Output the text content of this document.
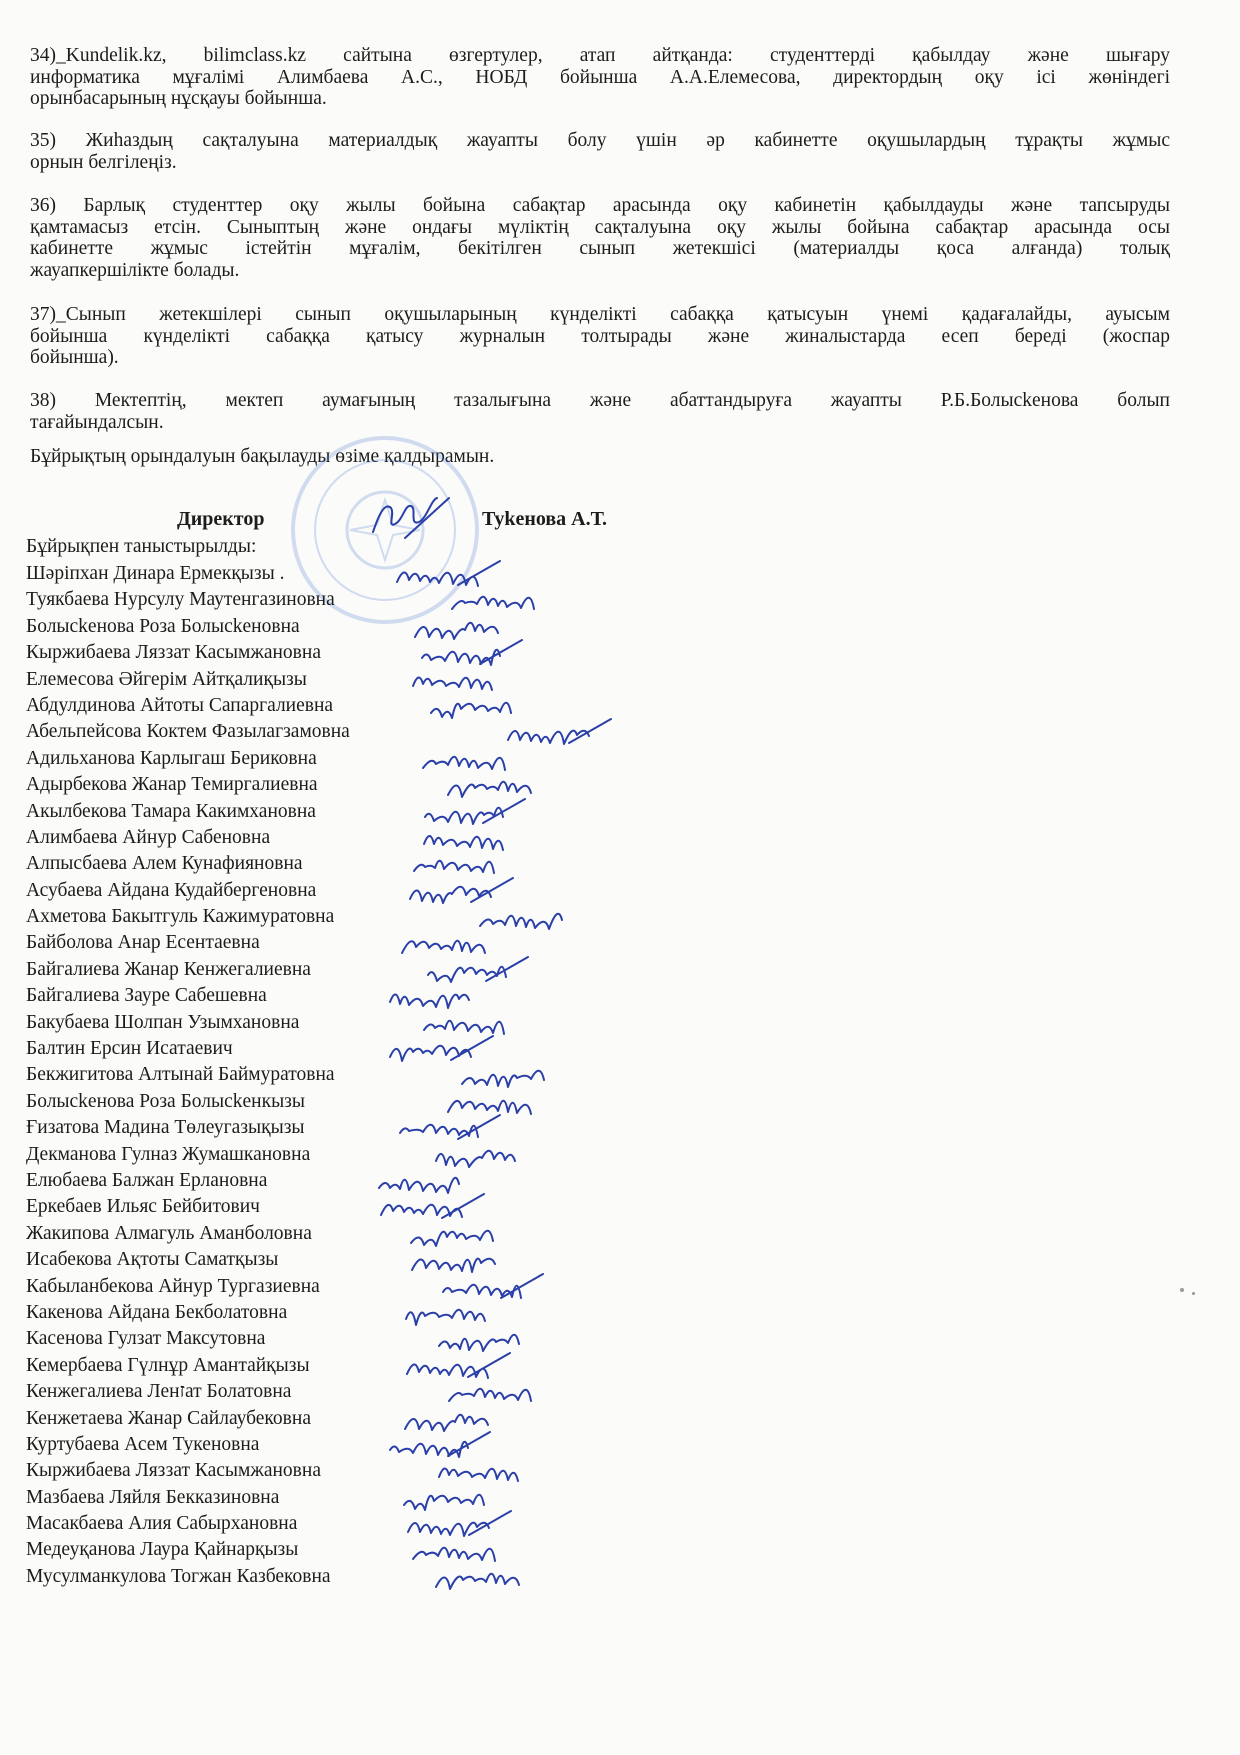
34)_Kundelik.kz, bilimclass.kz сайтына өзгертулер, атап айтқанда: студенттерді қабылдау және шығару
информатика мұғалімі Алимбаева А.С., НОБД бойынша А.А.Елемесова, директордың оқу ісі жөніндегі
орынбасарының нұсқауы бойынша.
35) Жиһаздың сақталуына материалдық жауапты болу үшін әр кабинетте оқушылардың тұрақты жұмыс
орнын белгілеңіз.
36) Барлық студенттер оқу жылы бойына сабақтар арасында оқу кабинетін қабылдауды және тапсыруды
қамтамасыз етсін. Сыныптың және ондағы мүліктің сақталуына оқу жылы бойына сабақтар арасында осы
кабинетте жұмыс істейтін мұғалім, бекітілген сынып жетекшісі (материалды қоса алғанда) толық
жауапкершілікте болады.
37)_Сынып жетекшілері сынып оқушыларының күнделікті сабаққа қатысуын үнемі қадағалайды, ауысым
бойынша күнделікті сабаққа қатысу журналын толтырады және жиналыстарда есеп береді (жоспар
бойынша).
38) Мектептің, мектеп аумағының тазалығына және абаттандыруға жауапты Р.Б.Болысkенова болып
тағайындалсын.
Бұйрықтың орындалуын бақылауды өзіме қалдырамын.
Директор	Туkенова А.Т.
Бұйрықпен таныстырылды:
Шәріпхан Динара Ермекқызы .
Туякбаева Нурсулу Маутенгазиновна
Болысkенова Роза Болысkеновна
Кыржибаева Ляззат Касымжановна
Елемесова Әйгерім Айтқалиқызы
Абдулдинова Айтоты Сапаргалиевна
Абельпейсова Коктем Фазылагзамовна
Адильханова Карлыгаш Бериковна
Адырбекова Жанар Темиргалиевна
Акылбекова Тамара Какимхановна
Алимбаева Айнур Сабеновна
Алпысбаева Алем Кунафияновна
Асубаева Айдана Кудайбергеновна
Ахметова Бакытгуль Кажимуратовна
Байболова Анар Есентаевна
Байгалиева Жанар Кенжегалиевна
Байгалиева Зауре Сабешевна
Бакубаева Шолпан Узымхановна
Балтин Ерсин Исатаевич
Бекжигитова Алтынай Баймуратовна
Болысkенова Роза Болысkенкызы
Ғизатова Мадина Төлеугазықызы
Декманова Гулназ Жумашкановна
Елюбаева Балжан Ерлановна
Еркебаев Ильяс Бейбитович
Жакипова Алмагуль Аманболовна
Исабекова Ақтоты Саматқызы
Кабыланбекова Айнур Тургазиевна
Какенова Айдана Бекболатовна
Касенова Гулзат Максутовна
Кемербаева Гүлнұр Амантайқызы
Кенжегалиева Ленזат Болатовна
Кенжетаева Жанар Сайлаубековна
Куртубаева Асем Тукеновна
Кыржибаева Ляззат Касымжановна
Мазбаева Ляйля Бекказиновна
Масакбаева Алия Сабырхановна
Медеуқанова Лаура Қайнарқызы
Мусулманкулова Тогжан Казбековна
